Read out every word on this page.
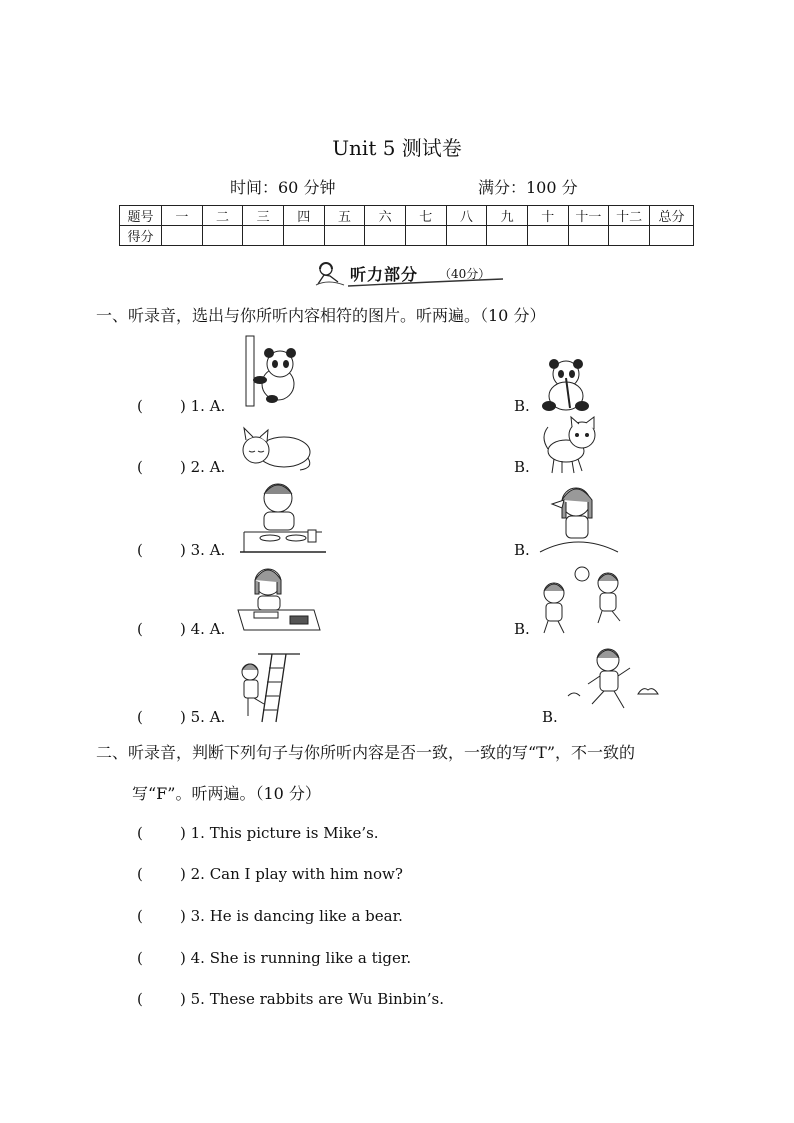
Unit 5 测试卷
时间：60 分钟	满分：100 分
题号	一	二	三	四	五	六	七	八	九	十	十一	十二	总分
得分													
听力部分 （40分）
一、听录音，选出与你所听内容相符的图片。听两遍。（10 分）
( ) 1. A.	B.
( ) 2. A.	B.
( ) 3. A.	B.
( ) 4. A.	B.
( ) 5. A.	B.
二、听录音，判断下列句子与你所听内容是否一致，一致的写“T”，不一致的
写“F”。听两遍。（10 分）
( ) 1. This picture is Mike’s.
( ) 2. Can I play with him now?
( ) 3. He is dancing like a bear.
( ) 4. She is running like a tiger.
( ) 5. These rabbits are Wu Binbin’s.
